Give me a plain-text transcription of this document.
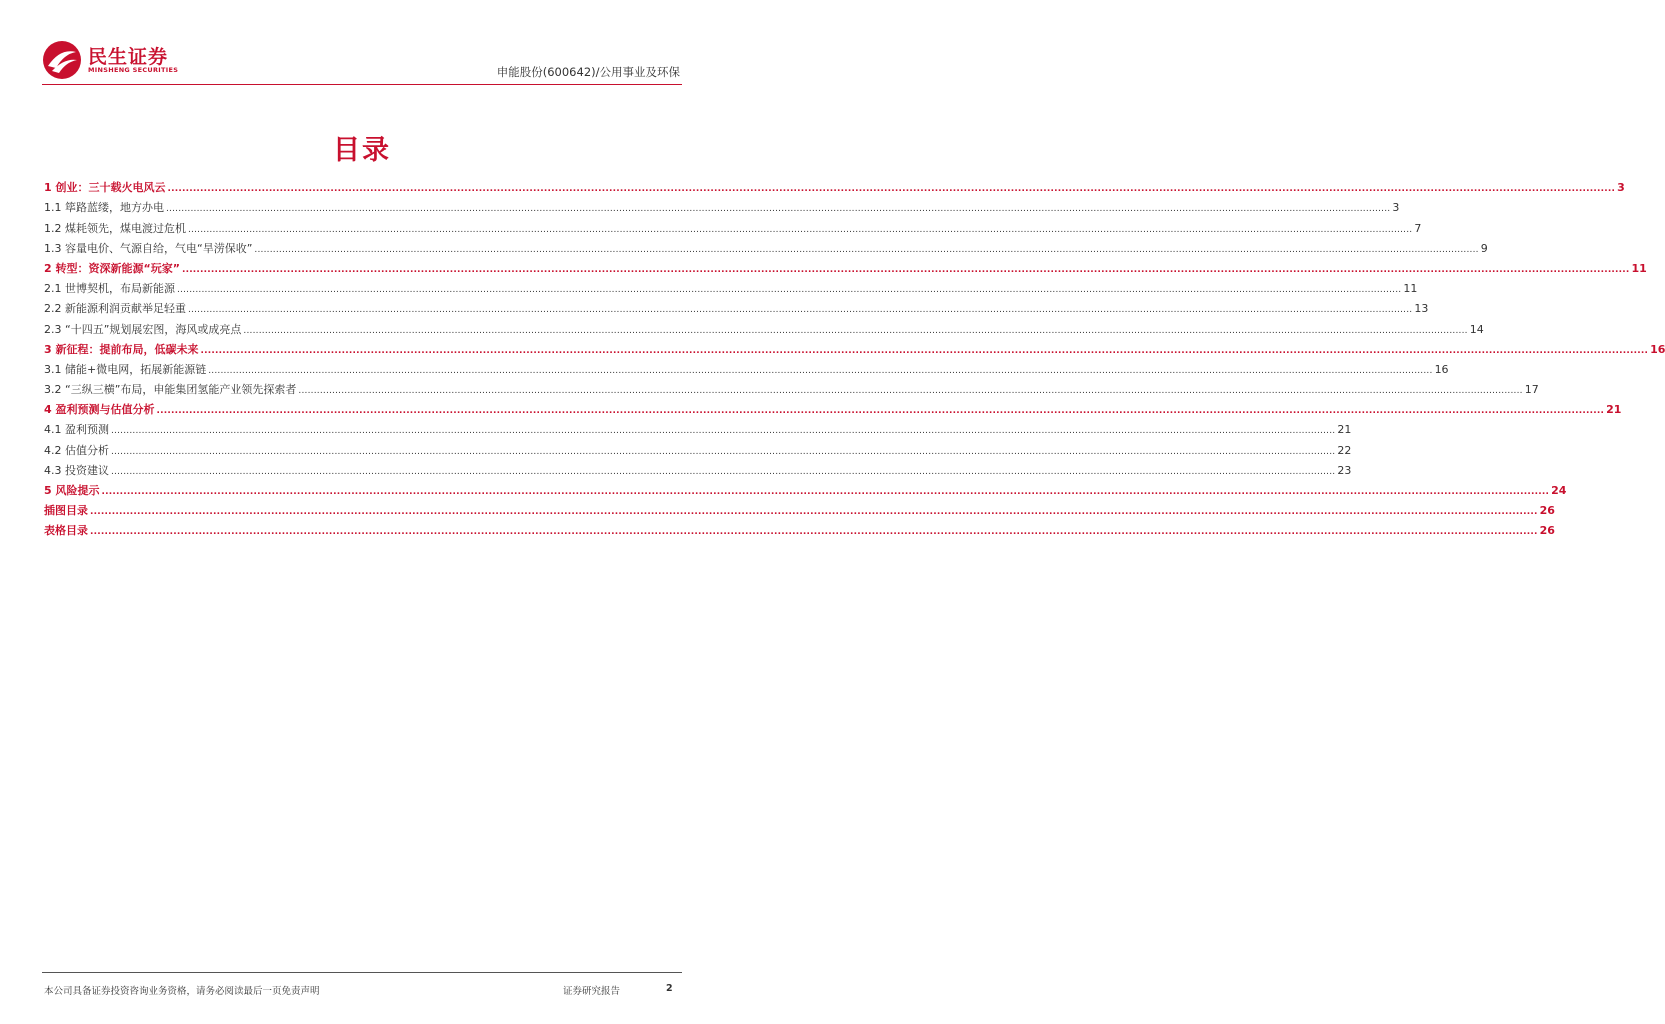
民生证券
MINSHENG SECURITIES	申能股份(600642)/公用事业及环保
目录
1 创业：三十载火电风云 ................................................................................................................................................................................................................................................................................................................................................................................................................ 3
1.1 筚路蓝缕，地方办电 ................................................................................................................................................................................................................................................................................................................................................................................................................ 3
1.2 煤耗领先，煤电渡过危机 ................................................................................................................................................................................................................................................................................................................................................................................................................ 7
1.3 容量电价、气源自给，气电“旱涝保收” ................................................................................................................................................................................................................................................................................................................................................................................................................ 9
2 转型：资深新能源“玩家” ................................................................................................................................................................................................................................................................................................................................................................................................................ 11
2.1 世博契机，布局新能源 ................................................................................................................................................................................................................................................................................................................................................................................................................ 11
2.2 新能源利润贡献举足轻重 ................................................................................................................................................................................................................................................................................................................................................................................................................ 13
2.3 “十四五”规划展宏图，海风或成亮点 ................................................................................................................................................................................................................................................................................................................................................................................................................ 14
3 新征程：提前布局，低碳未来 ................................................................................................................................................................................................................................................................................................................................................................................................................ 16
3.1 储能+微电网，拓展新能源链 ................................................................................................................................................................................................................................................................................................................................................................................................................ 16
3.2 “三纵三横”布局，申能集团氢能产业领先探索者 ................................................................................................................................................................................................................................................................................................................................................................................................................ 17
4 盈利预测与估值分析 ................................................................................................................................................................................................................................................................................................................................................................................................................ 21
4.1 盈利预测 ................................................................................................................................................................................................................................................................................................................................................................................................................ 21
4.2 估值分析 ................................................................................................................................................................................................................................................................................................................................................................................................................ 22
4.3 投资建议 ................................................................................................................................................................................................................................................................................................................................................................................................................ 23
5 风险提示 ................................................................................................................................................................................................................................................................................................................................................................................................................ 24
插图目录 ................................................................................................................................................................................................................................................................................................................................................................................................................ 26
表格目录 ................................................................................................................................................................................................................................................................................................................................................................................................................ 26
本公司具备证券投资咨询业务资格，请务必阅读最后一页免责声明	证券研究报告	2
